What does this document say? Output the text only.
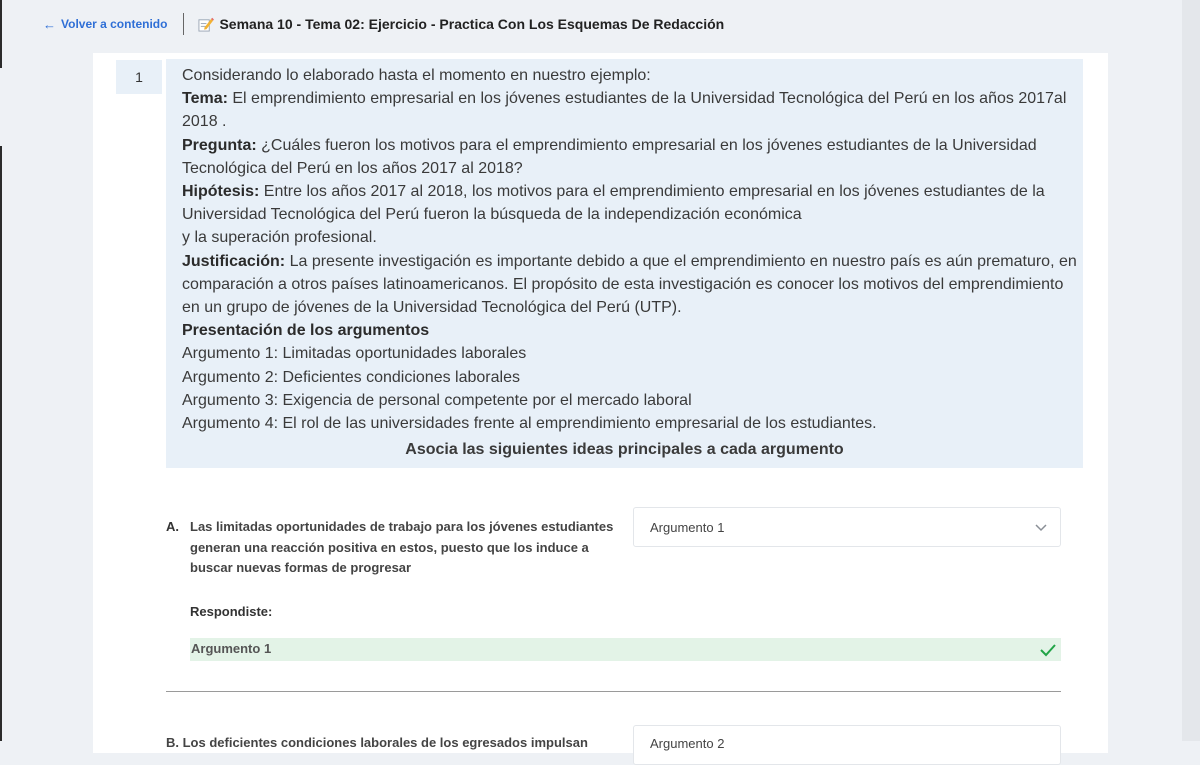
← Volver a contenido	Semana 10 - Tema 02: Ejercicio - Practica Con Los Esquemas De Redacción
1	Considerando lo elaborado hasta el momento en nuestro ejemplo:

Tema: El emprendimiento empresarial en los jóvenes estudiantes de la Universidad Tecnológica del Perú en los años 2017al 2018 .

Pregunta: ¿Cuáles fueron los motivos para el emprendimiento empresarial en los jóvenes estudiantes de la Universidad Tecnológica del Perú en los años 2017 al 2018?

Hipótesis: Entre los años 2017 al 2018, los motivos para el emprendimiento empresarial en los jóvenes estudiantes de la Universidad Tecnológica del Perú fueron la búsqueda de la independización económica

y la superación profesional.

Justificación: La presente investigación es importante debido a que el emprendimiento en nuestro país es aún prematuro, en comparación a otros países latinoamericanos. El propósito de esta investigación es conocer los motivos del emprendimiento en un grupo de jóvenes de la Universidad Tecnológica del Perú (UTP).

Presentación de los argumentos

Argumento 1: Limitadas oportunidades laborales

Argumento 2: Deficientes condiciones laborales

Argumento 3: Exigencia de personal competente por el mercado laboral

Argumento 4: El rol de las universidades frente al emprendimiento empresarial de los estudiantes.

Asocia las siguientes ideas principales a cada argumento

A. Las limitadas oportunidades de trabajo para los jóvenes estudiantes generan una reacción positiva en estos, puesto que los induce a buscar nuevas formas de progresar
Argumento 1
Respondiste:
Argumento 1
B. Los deficientes condiciones laborales de los egresados impulsan	Argumento 2
